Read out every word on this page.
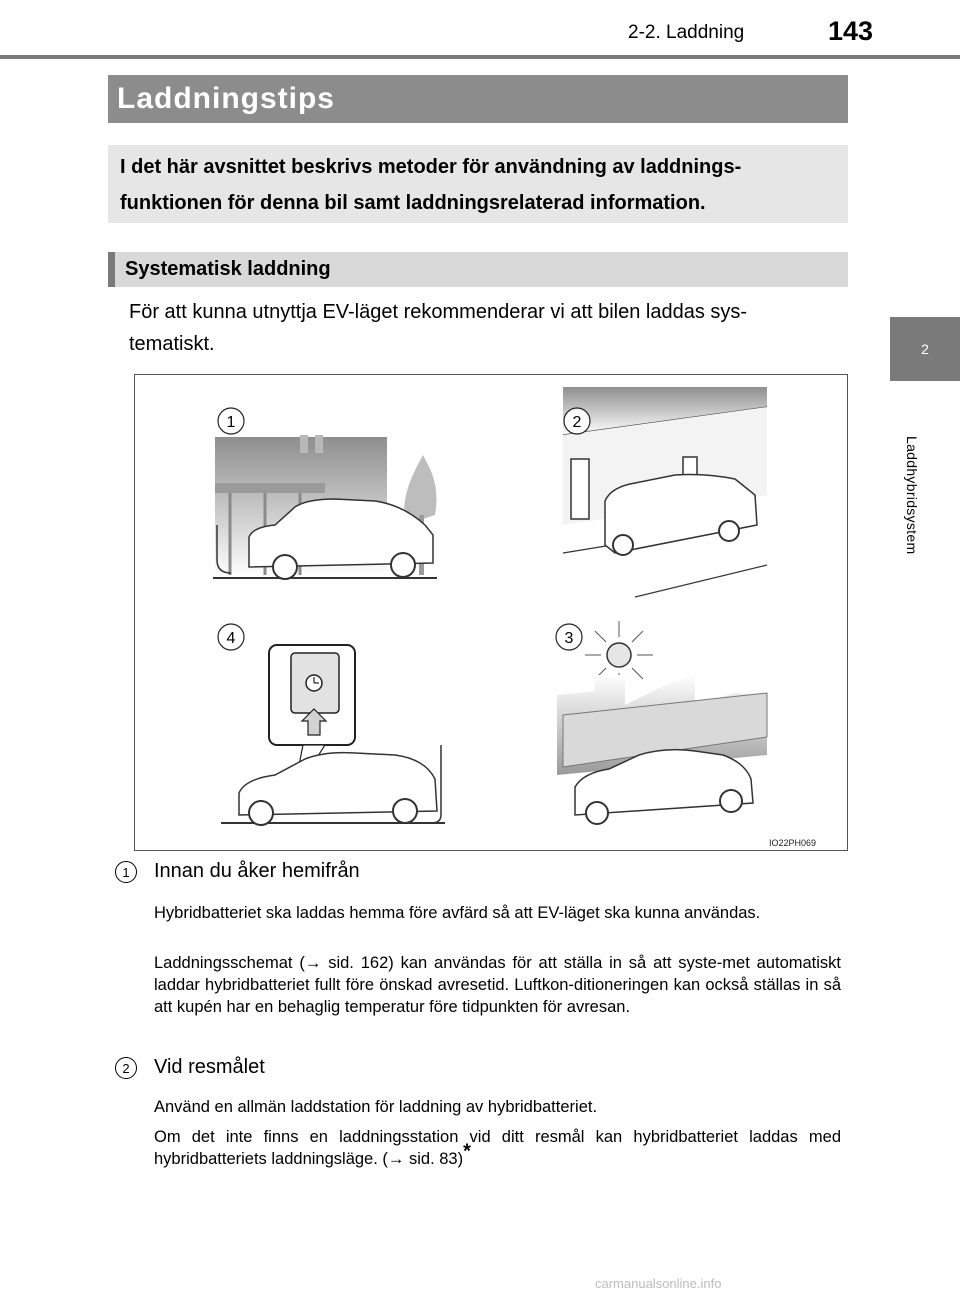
2-2. Laddning	143
2
Laddhybridsystem
Laddningstips
I det här avsnittet beskrivs metoder för användning av laddnings-
funktionen för denna bil samt laddningsrelaterad information.
Systematisk laddning
För att kunna utnyttja EV-läget rekommenderar vi att bilen laddas sys-
tematiskt.
1	2
3
4
IO22PH069
1	Innan du åker hemifrån
Hybridbatteriet ska laddas hemma före avfärd så att EV-läget ska kunna användas.
Laddningsschemat (→ sid. 162) kan användas för att ställa in så att syste-met automatiskt laddar hybridbatteriet fullt före önskad avresetid. Luftkon-ditioneringen kan också ställas in så att kupén har en behaglig temperatur före tidpunkten för avresan.
2	Vid resmålet
Använd en allmän laddstation för laddning av hybridbatteriet.
Om det inte finns en laddningsstation vid ditt resmål kan hybridbatteriet laddas med hybridbatteriets laddningsläge. (→ sid. 83)*
carmanualsonline.info
